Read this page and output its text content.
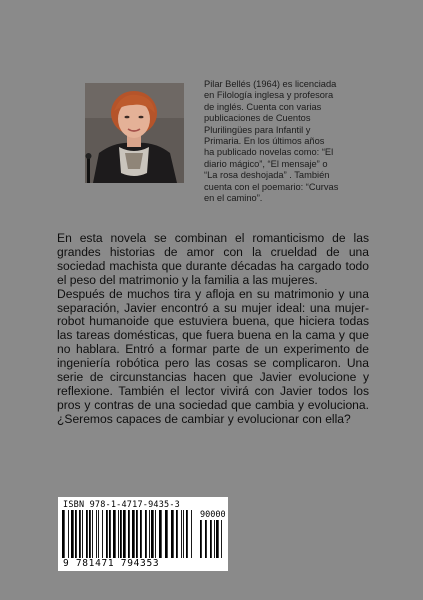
Pilar Bellés (1964) es licenciada
en Filología inglesa y profesora
de inglés. Cuenta con varias
publicaciones de Cuentos
Plurilingües para Infantil y
Primaria. En los últimos años
ha publicado novelas como: “El
diario mágico”, “El mensaje” o
“La rosa deshojada” . También
cuenta con el poemario: “Curvas
en el camino”.

En esta novela se combinan el romanticismo de las grandes historias de amor con la crueldad de una sociedad machista que durante décadas ha cargado todo el peso del matrimonio y la familia a las mujeres.

Después de muchos tira y afloja en su matrimonio y una separación, Javier encontró a su mujer ideal: una mujer-robot humanoide que estuviera buena, que hiciera todas las tareas domésticas, que fuera buena en la cama y que no hablara. Entró a formar parte de un experimento de ingeniería robótica pero las cosas se complicaron. Una serie de circunstancias hacen que Javier evolucione y reflexione. También el lector vivirá con Javier todos los pros y contras de una sociedad que cambia y evoluciona. ¿Seremos capaces de cambiar y evolucionar con ella?

ISBN 978-1-4717-9435-3
90000
9 781471 794353
